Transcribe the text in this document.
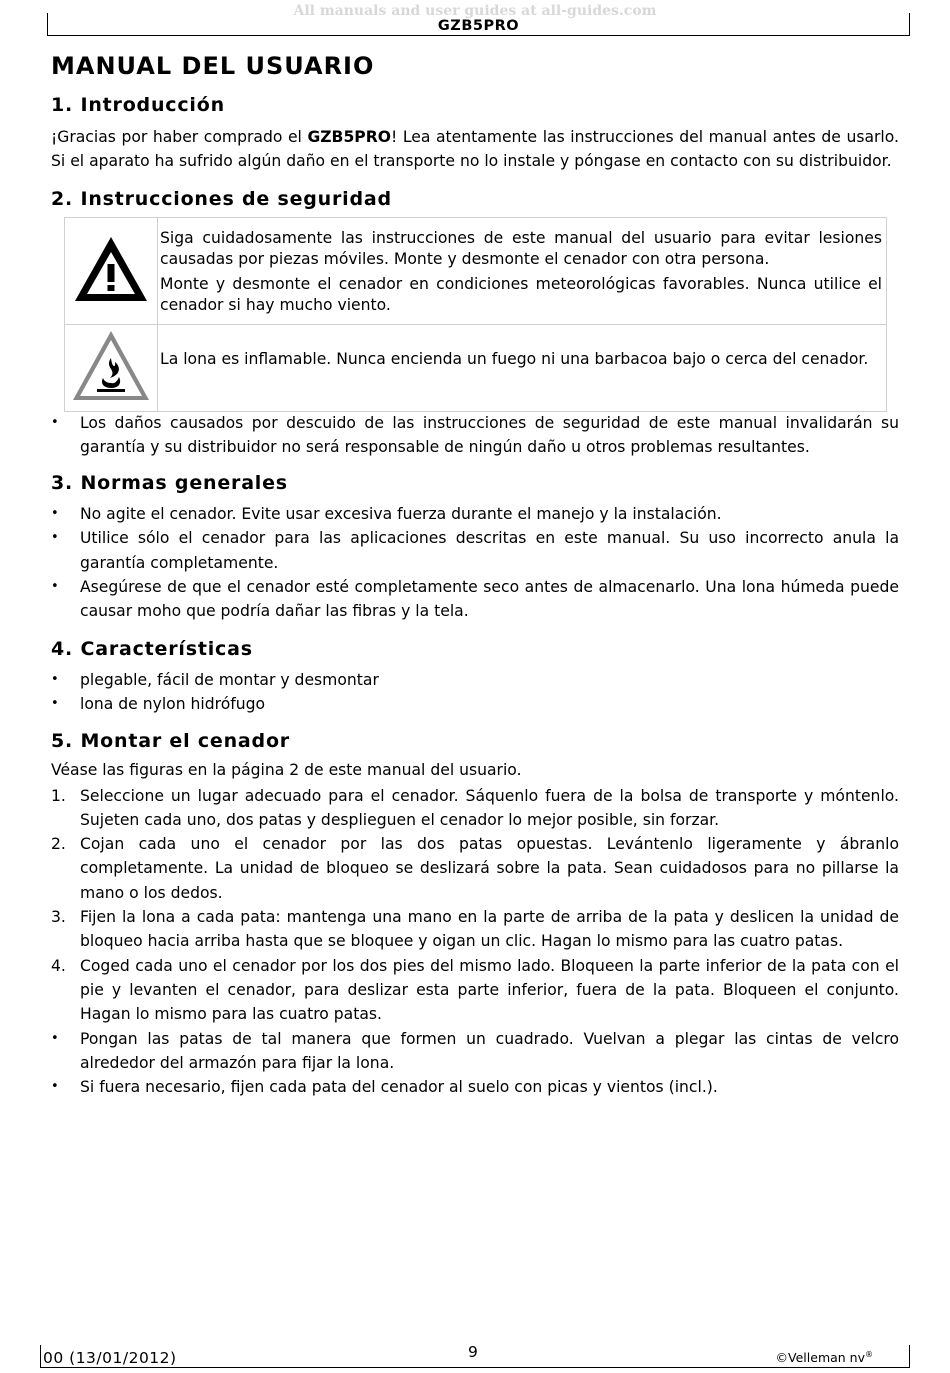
All manuals and user guides at all-guides.com
GZB5PRO
MANUAL DEL USUARIO
1. Introducción

¡Gracias por haber comprado el GZB5PRO! Lea atentamente las instrucciones del manual antes de usarlo. Si el aparato ha sufrido algún daño en el transporte no lo instale y póngase en contacto con su distribuidor.

2. Instrucciones de seguridad

Siga cuidadosamente las instrucciones de este manual del usuario para evitar lesiones causadas por piezas móviles. Monte y desmonte el cenador con otra persona.

Monte y desmonte el cenador en condiciones meteorológicas favorables. Nunca utilice el cenador si hay mucho viento.

La lona es inflamable. Nunca encienda un fuego ni una barbacoa bajo o cerca del cenador.

• Los daños causados por descuido de las instrucciones de seguridad de este manual invalidarán su garantía y su distribuidor no será responsable de ningún daño u otros problemas resultantes.
3. Normas generales
• No agite el cenador. Evite usar excesiva fuerza durante el manejo y la instalación.
• Utilice sólo el cenador para las aplicaciones descritas en este manual. Su uso incorrecto anula la garantía completamente.
• Asegúrese de que el cenador esté completamente seco antes de almacenarlo. Una lona húmeda puede causar moho que podría dañar las fibras y la tela.
4. Características
• plegable, fácil de montar y desmontar
• lona de nylon hidrófugo
5. Montar el cenador

Véase las figuras en la página 2 de este manual del usuario.

1. Seleccione un lugar adecuado para el cenador. Sáquenlo fuera de la bolsa de transporte y móntenlo. Sujeten cada uno, dos patas y desplieguen el cenador lo mejor posible, sin forzar.
2. Cojan cada uno el cenador por las dos patas opuestas. Levántenlo ligeramente y ábranlo completamente. La unidad de bloqueo se deslizará sobre la pata. Sean cuidadosos para no pillarse la mano o los dedos.
3. Fijen la lona a cada pata: mantenga una mano en la parte de arriba de la pata y deslicen la unidad de bloqueo hacia arriba hasta que se bloquee y oigan un clic. Hagan lo mismo para las cuatro patas.
4. Coged cada uno el cenador por los dos pies del mismo lado. Bloqueen la parte inferior de la pata con el pie y levanten el cenador, para deslizar esta parte inferior, fuera de la pata. Bloqueen el conjunto. Hagan lo mismo para las cuatro patas.
• Pongan las patas de tal manera que formen un cuadrado. Vuelvan a plegar las cintas de velcro alrededor del armazón para fijar la lona.
• Si fuera necesario, fijen cada pata del cenador al suelo con picas y vientos (incl.).
00 (13/01/2012)	9	©Velleman nv®
